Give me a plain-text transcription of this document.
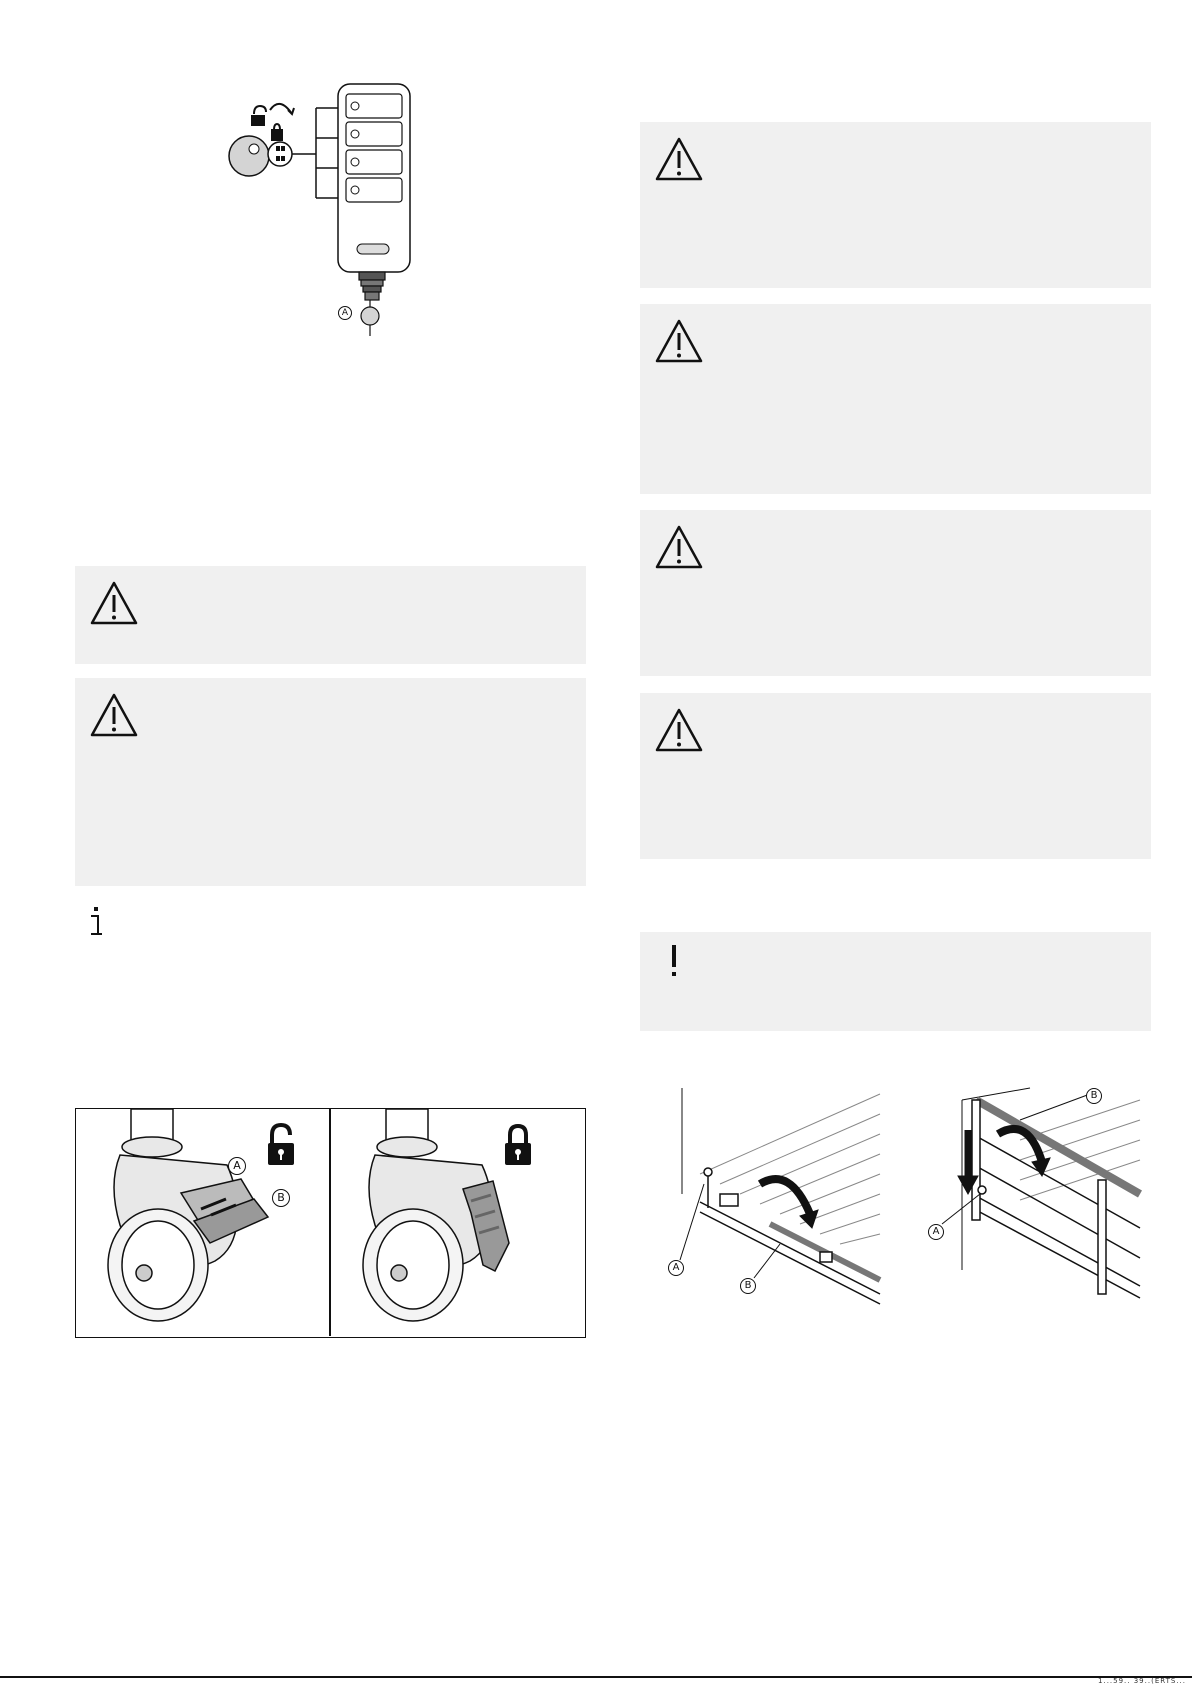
A
A
B
A
B
A
B
1...59.. 39..(ERTS...
